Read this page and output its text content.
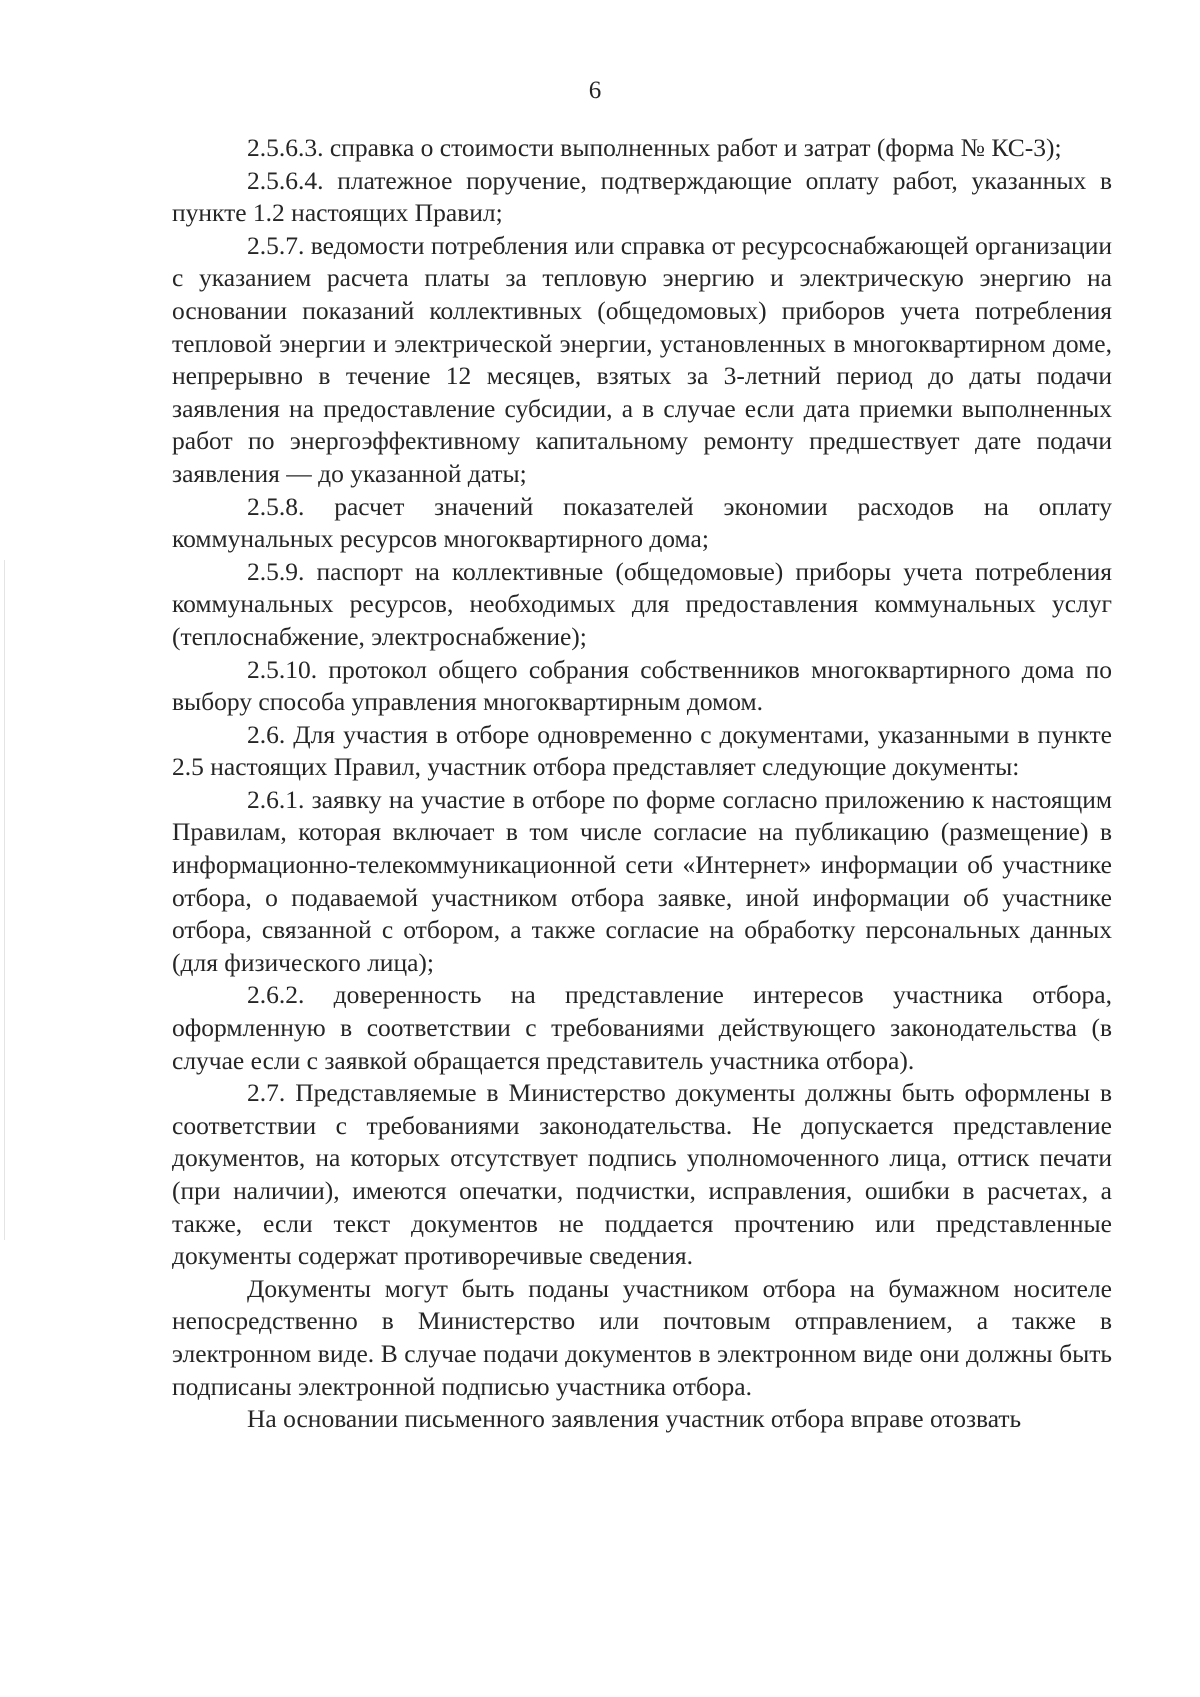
6

2.5.6.3. справка о стоимости выполненных работ и затрат (форма № КС-3);

2.5.6.4. платежное поручение, подтверждающие оплату работ, указанных в пункте 1.2 настоящих Правил;

2.5.7. ведомости потребления или справка от ресурсоснабжающей организации с указанием расчета платы за тепловую энергию и электрическую энергию на основании показаний коллективных (общедомовых) приборов учета потребления тепловой энергии и электрической энергии, установленных в многоквартирном доме, непрерывно в течение 12 месяцев, взятых за 3-летний период до даты подачи заявления на предоставление субсидии, а в случае если дата приемки выполненных работ по энергоэффективному капитальному ремонту предшествует дате подачи заявления — до указанной даты;

2.5.8. расчет значений показателей экономии расходов на оплату коммунальных ресурсов многоквартирного дома;

2.5.9. паспорт на коллективные (общедомовые) приборы учета потребления коммунальных ресурсов, необходимых для предоставления коммунальных услуг (теплоснабжение, электроснабжение);

2.5.10. протокол общего собрания собственников многоквартирного дома по выбору способа управления многоквартирным домом.

2.6. Для участия в отборе одновременно с документами, указанными в пункте 2.5 настоящих Правил, участник отбора представляет следующие документы:

2.6.1. заявку на участие в отборе по форме согласно приложению к настоящим Правилам, которая включает в том числе согласие на публикацию (размещение) в информационно-телекоммуникационной сети «Интернет» информации об участнике отбора, о подаваемой участником отбора заявке, иной информации об участнике отбора, связанной с отбором, а также согласие на обработку персональных данных (для физического лица);

2.6.2. доверенность на представление интересов участника отбора, оформленную в соответствии с требованиями действующего законодательства (в случае если с заявкой обращается представитель участника отбора).

2.7. Представляемые в Министерство документы должны быть оформлены в соответствии с требованиями законодательства. Не допускается представление документов, на которых отсутствует подпись уполномоченного лица, оттиск печати (при наличии), имеются опечатки, подчистки, исправления, ошибки в расчетах, а также, если текст документов не поддается прочтению или представленные документы содержат противоречивые сведения.

Документы могут быть поданы участником отбора на бумажном носителе непосредственно в Министерство или почтовым отправлением, а также в электронном виде. В случае подачи документов в электронном виде они должны быть подписаны электронной подписью участника отбора.

На основании письменного заявления участник отбора вправе отозвать
